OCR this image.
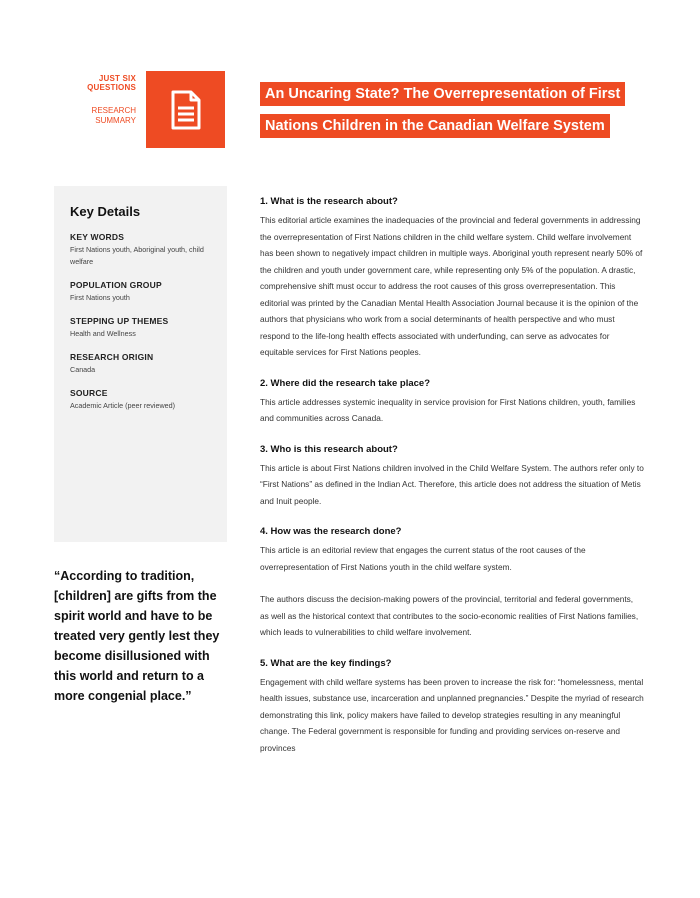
JUST SIX
QUESTIONS
RESEARCH
SUMMARY
An Uncaring State? The Overrepresentation of First
Nations Children in the Canadian Welfare System
Key Details
KEY WORDS
First Nations youth, Aboriginal youth, child welfare
POPULATION GROUP
First Nations youth
STEPPING UP THEMES
Health and Wellness
RESEARCH ORIGIN
Canada
SOURCE
Academic Article (peer reviewed)
“According to tradition, [children] are gifts from the spirit world and have to be treated very gently lest they become disillusioned with this world and return to a more congenial place.”

1. What is the research about?

This editorial article examines the inadequacies of the provincial and federal governments in addressing the overrepresentation of First Nations children in the child welfare system. Child welfare involvement has been shown to negatively impact children in multiple ways. Aboriginal youth represent nearly 50% of the children and youth under government care, while representing only 5% of the population. A drastic, comprehensive shift must occur to address the root causes of this gross overrepresentation. This editorial was printed by the Canadian Mental Health Association Journal because it is the opinion of the authors that physicians who work from a social determinants of health perspective and who must respond to the life-long health effects associated with underfunding, can serve as advocates for equitable services for First Nations peoples.

2. Where did the research take place?

This article addresses systemic inequality in service provision for First Nations children, youth, families and communities across Canada.

3. Who is this research about?

This article is about First Nations children involved in the Child Welfare System. The authors refer only to “First Nations” as defined in the Indian Act. Therefore, this article does not address the situation of Metis and Inuit people.

4. How was the research done?

This article is an editorial review that engages the current status of the root causes of the overrepresentation of First Nations youth in the child welfare system.

The authors discuss the decision-making powers of the provincial, territorial and federal governments, as well as the historical context that contributes to the socio-economic realities of First Nations families, which leads to vulnerabilities to child welfare involvement.

5. What are the key findings?

Engagement with child welfare systems has been proven to increase the risk for: “homelessness, mental health issues, substance use, incarceration and unplanned pregnancies.” Despite the myriad of research demonstrating this link, policy makers have failed to develop strategies resulting in any meaningful change. The Federal government is responsible for funding and providing services on-reserve and provinces
